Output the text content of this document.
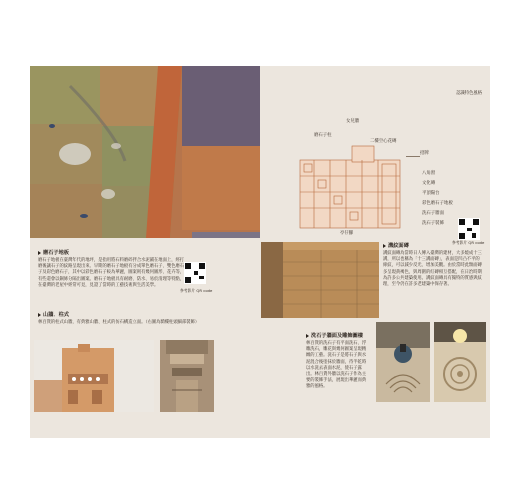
認識特色風格
女兒牆
磨石子柱
二樓空心花磚
招牌
八角窗
文化磚
平頂陽台
彩色磨石子地板
洗石子牆面
洗石子裝飾
亭仔腳
磨石子地板
磨石子地板在臺灣年代的地坪，是指用將石料磨碎拌合水泥鋪在地面上，經打磨後讓石子的紋路呈現出來。早期的磨石子地板有分成單色磨石子、雙色磨石子及彩色磨石子，其中以彩色磨石子較為華麗，圖案則有幾何圖形、花卉等，有些還會以銅條分隔出圖案。磨石子地板具有耐磨、防水、易於清理等特點，在臺灣的老屋中經常可見，見證了當時的工藝技術與生活美學。
參考影片 QR code
山牆．柱式
林百貨的柱式山牆，有典雅山牆、柱式的仿石構造立面。（右圖為騎樓柱頭細部裝飾）
溝紋面磚
溝紋面磚為當時日人傳入臺灣的建材，大多燒成十三溝，所以也稱為「十三溝面磚」，表面是凹凸不平的條紋，可以減少反光、增加美觀。由於當時此類面磚多呈現黃褐色，與周圍的紅磚相互搭配，在日治時期為許多公共建築使用。溝紋面磚具有獨特的質感與紋理，至今仍在許多老建築中保存著。
參考影片 QR code
洗石子牆面及雕飾圖樣
林百貨的洗石子有平面洗石、浮雕洗石，雕花與幾何圖案呈現精緻的工藝。洗石子是將石子與水泥混合後塗抹於牆面，待半乾時以水洗去表面水泥，使石子露出。林百貨外牆以洗石子作為主要的裝飾手法，展現出華麗而典雅的風格。
